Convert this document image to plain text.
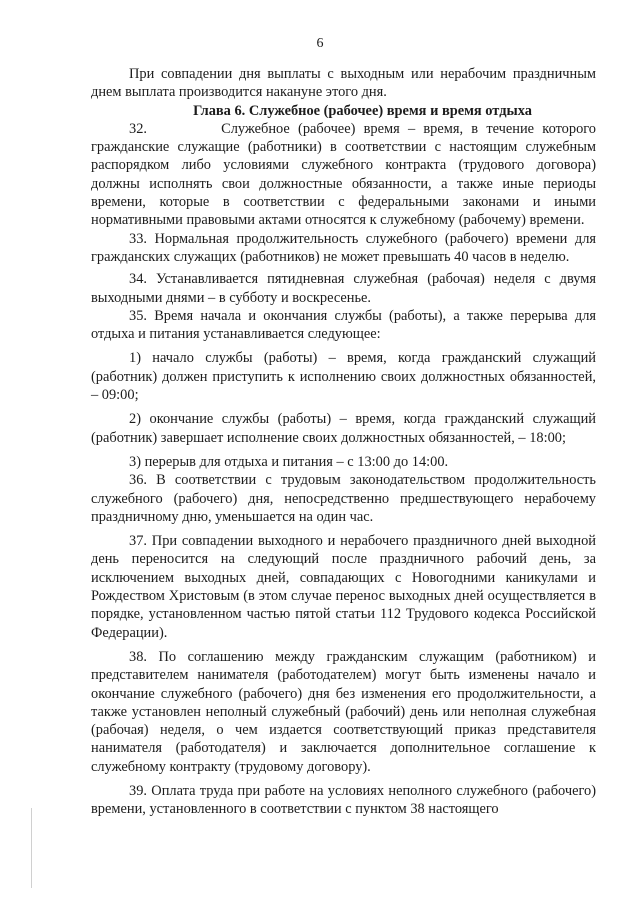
6

При совпадении дня выплаты с выходным или нерабочим праздничным днем выплата производится накануне этого дня.

Глава 6. Служебное (рабочее) время и время отдыха

32.         Служебное (рабочее) время – время, в течение которого гражданские служащие (работники) в соответствии с настоящим служебным распорядком либо условиями служебного контракта (трудового договора) должны исполнять свои должностные обязанности, а также иные периоды времени, которые в соответствии с федеральными законами и иными нормативными правовыми актами относятся к служебному (рабочему) времени.

33. Нормальная продолжительность служебного (рабочего) времени для гражданских служащих (работников) не может превышать 40 часов в неделю.

34. Устанавливается пятидневная служебная (рабочая) неделя с двумя выходными днями – в субботу и воскресенье.

35. Время начала и окончания службы (работы), а также перерыва для отдыха и питания устанавливается следующее:

1) начало службы (работы) – время, когда гражданский служащий (работник) должен приступить к исполнению своих должностных обязанностей, – 09:00;

2) окончание службы (работы) – время, когда гражданский служащий (работник) завершает исполнение своих должностных обязанностей, – 18:00;

3) перерыв для отдыха и питания – с 13:00 до 14:00.

36. В соответствии с трудовым законодательством продолжительность служебного (рабочего) дня, непосредственно предшествующего нерабочему праздничному дню, уменьшается на один час.

37. При совпадении выходного и нерабочего праздничного дней выходной день переносится на следующий после праздничного рабочий день, за исключением выходных дней, совпадающих с Новогодними каникулами и Рождеством Христовым (в этом случае перенос выходных дней осуществляется в порядке, установленном частью пятой статьи 112 Трудового кодекса Российской Федерации).

38. По соглашению между гражданским служащим (работником) и представителем нанимателя (работодателем) могут быть изменены начало и окончание служебного (рабочего) дня без изменения его продолжительности, а также установлен неполный служебный (рабочий) день или неполная служебная (рабочая) неделя, о чем издается соответствующий приказ представителя нанимателя (работодателя) и заключается дополнительное соглашение к служебному контракту (трудовому договору).

39. Оплата труда при работе на условиях неполного служебного (рабочего) времени, установленного в соответствии с пунктом 38 настоящего
